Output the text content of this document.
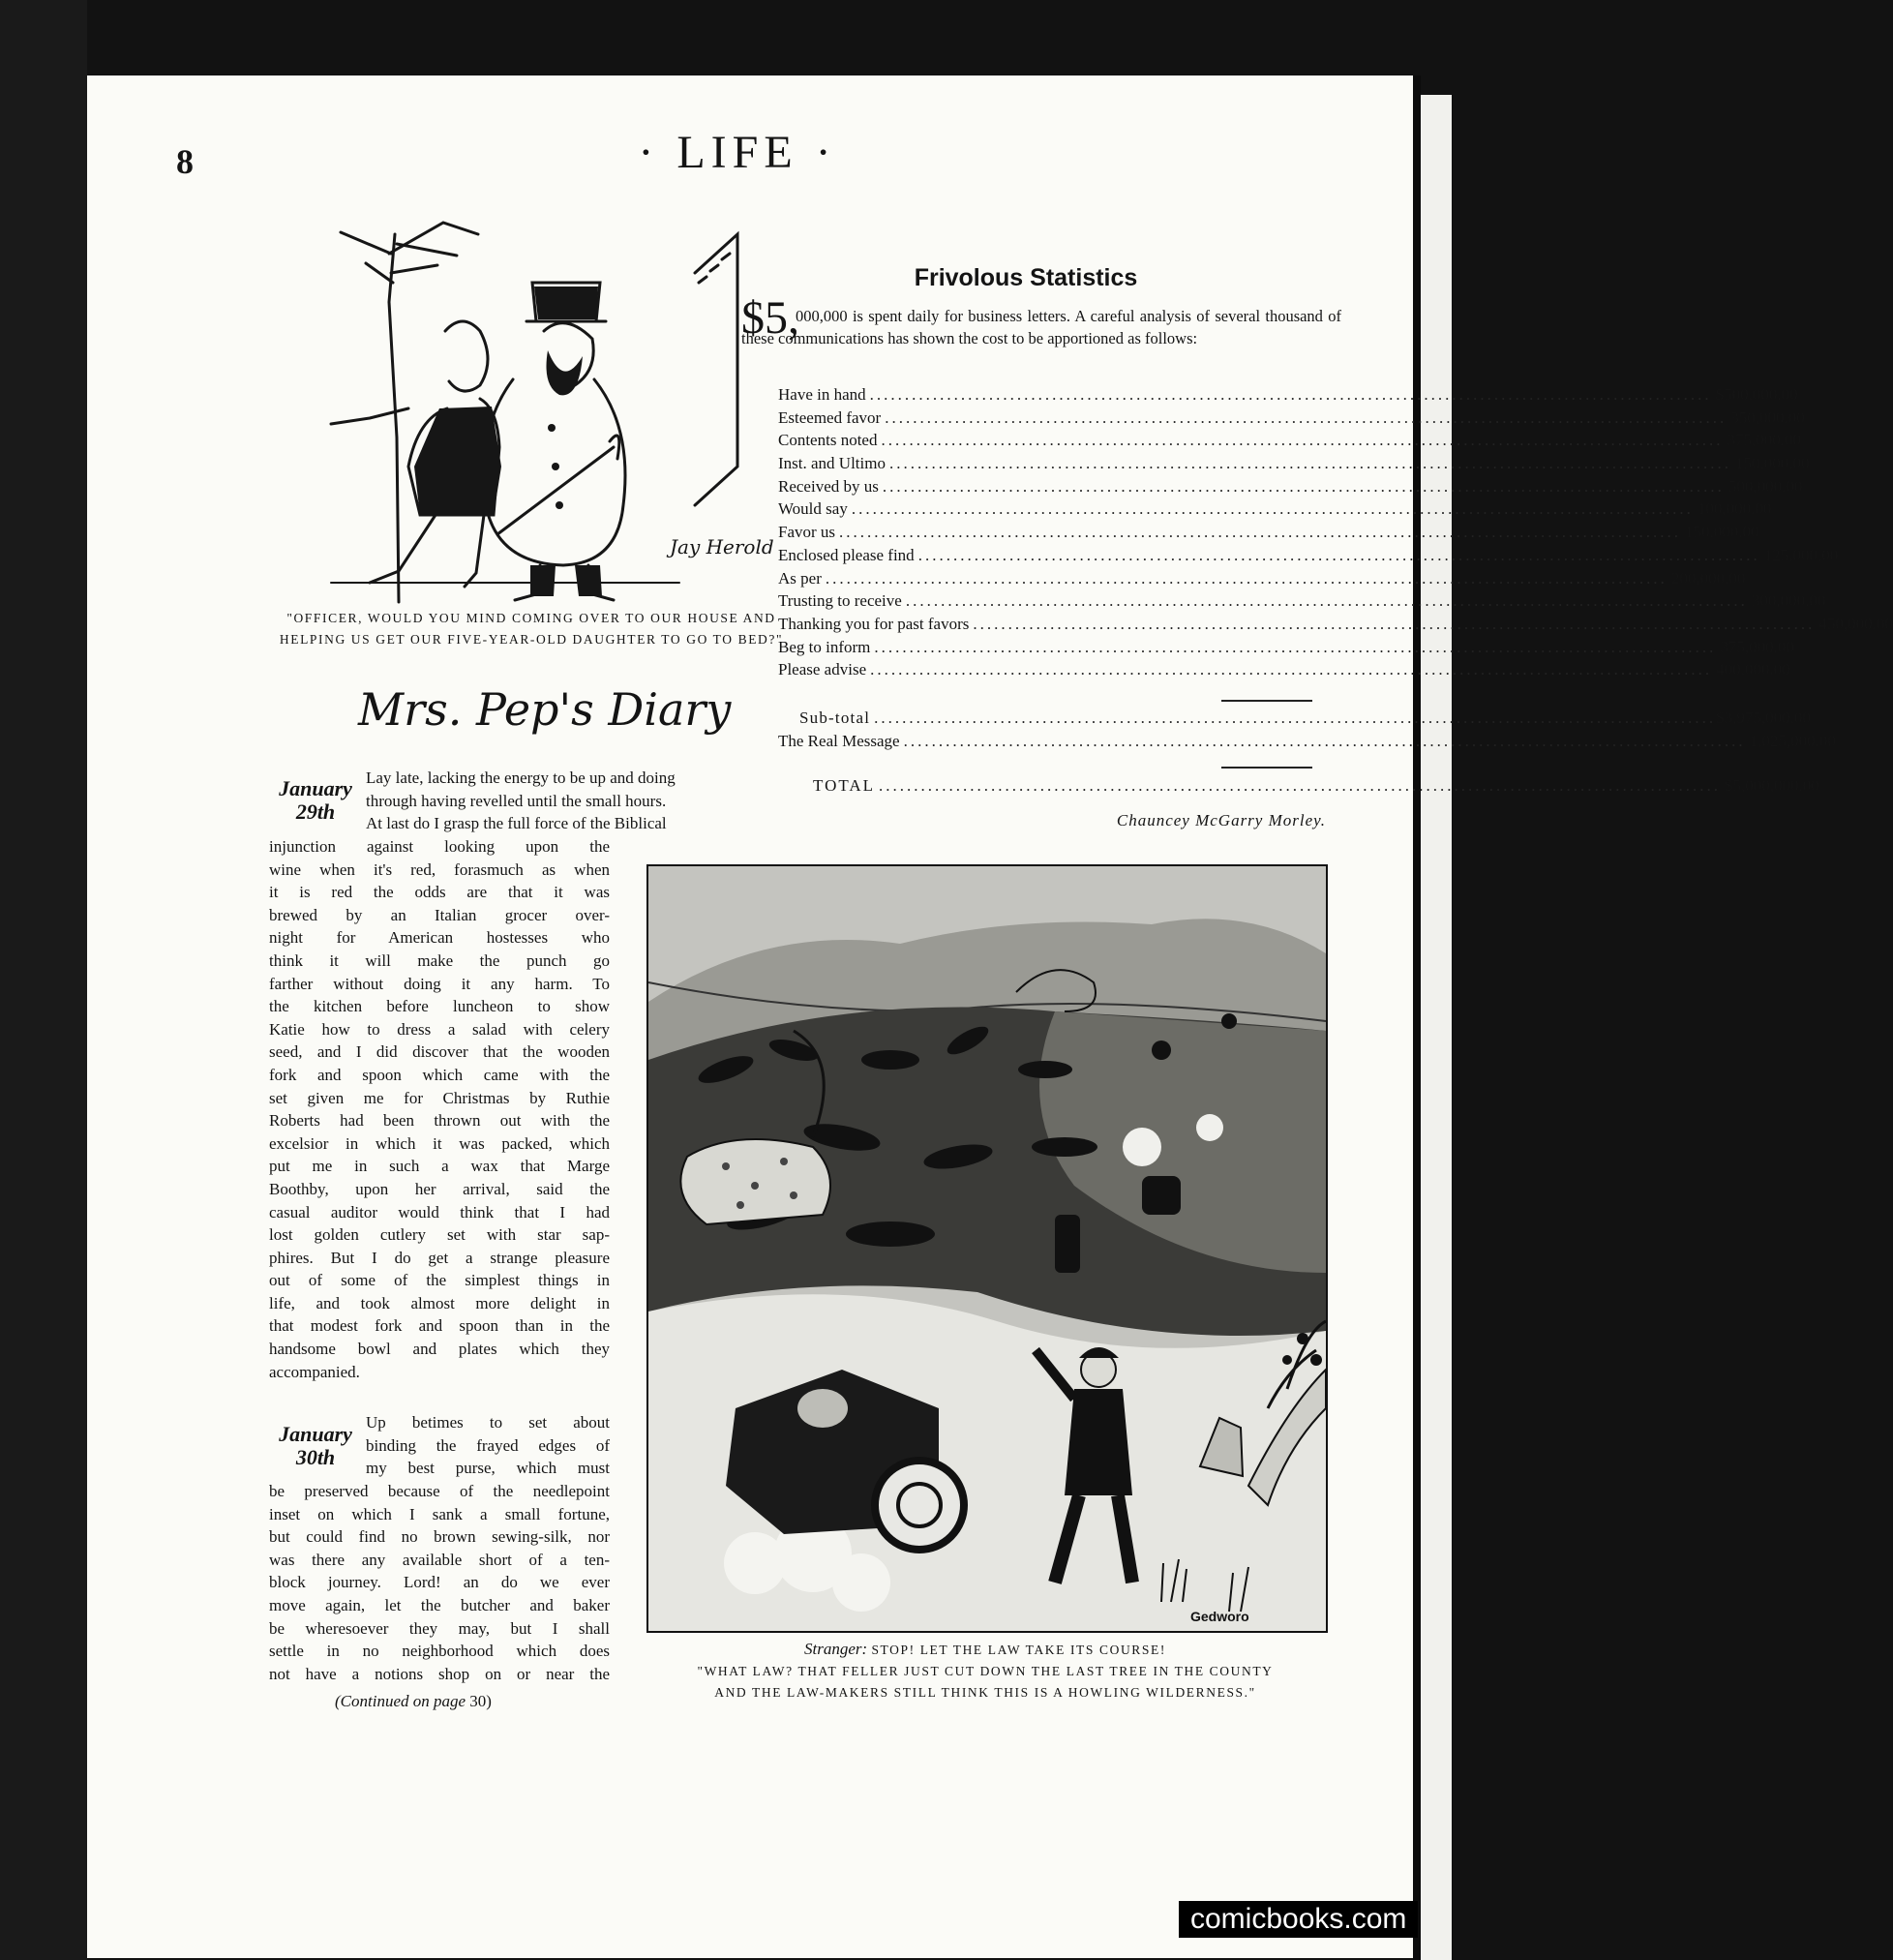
8	· LIFE ·
Jay Herold
"OFFICER, WOULD YOU MIND COMING OVER TO OUR HOUSE AND HELPING US GET OUR FIVE-YEAR-OLD DAUGHTER TO GO TO BED?"
Frivolous Statistics
$5,
000,000 is spent daily for business letters. A careful analysis of several thousand of these communications has shown the cost to be apportioned as follows:
Have in hand .....	$500,000.00
Esteemed favor .....	350,000.00
Contents noted .....	375,000.00
Inst. and Ultimo .....	150,000.00
Received by us .....	500,000.00
Would say .....	100,000.00
Favor us .....	150,000.00
Enclosed please find .....	125,000.00
As per .....	200,000.00
Trusting to receive .....	300,000.00
Thanking you for past favors .....	450,000.00
Beg to inform .....	375,000.00
Please advise .....	400,000.00
Sub-total .....	$3,975,000.00
The Real Message .....	1,025,000.00
TOTAL .....	$5,000,000.00
Chauncey McGarry Morley.
Mrs. Pep's Diary
January
29th
Lay late, lacking the energy to be up and doing
through having revelled until the small hours.
At last do I grasp the full force of the Biblical
injunction against looking upon the
wine when it's red, forasmuch as when
it is red the odds are that it was
brewed by an Italian grocer over-
night for American hostesses who
think it will make the punch go
farther without doing it any harm. To
the kitchen before luncheon to show
Katie how to dress a salad with celery
seed, and I did discover that the wooden
fork and spoon which came with the
set given me for Christmas by Ruthie
Roberts had been thrown out with the
excelsior in which it was packed, which
put me in such a wax that Marge
Boothby, upon her arrival, said the
casual auditor would think that I had
lost golden cutlery set with star sap-
phires. But I do get a strange pleasure
out of some of the simplest things in
life, and took almost more delight in
that modest fork and spoon than in the
handsome bowl and plates which they
accompanied.
January
30th
Up betimes to set about
binding the frayed edges of
my best purse, which must
be preserved because of the needlepoint
inset on which I sank a small fortune,
but could find no brown sewing-silk, nor
was there any available short of a ten-
block journey. Lord! an do we ever
move again, let the butcher and baker
be wheresoever they may, but I shall
settle in no neighborhood which does
not have a notions shop on or near the
(Continued on page 30)
Gedworo
Stranger: STOP! LET THE LAW TAKE ITS COURSE!
"WHAT LAW? THAT FELLER JUST CUT DOWN THE LAST TREE IN THE COUNTY
AND THE LAW-MAKERS STILL THINK THIS IS A HOWLING WILDERNESS."
comicbooks.com
